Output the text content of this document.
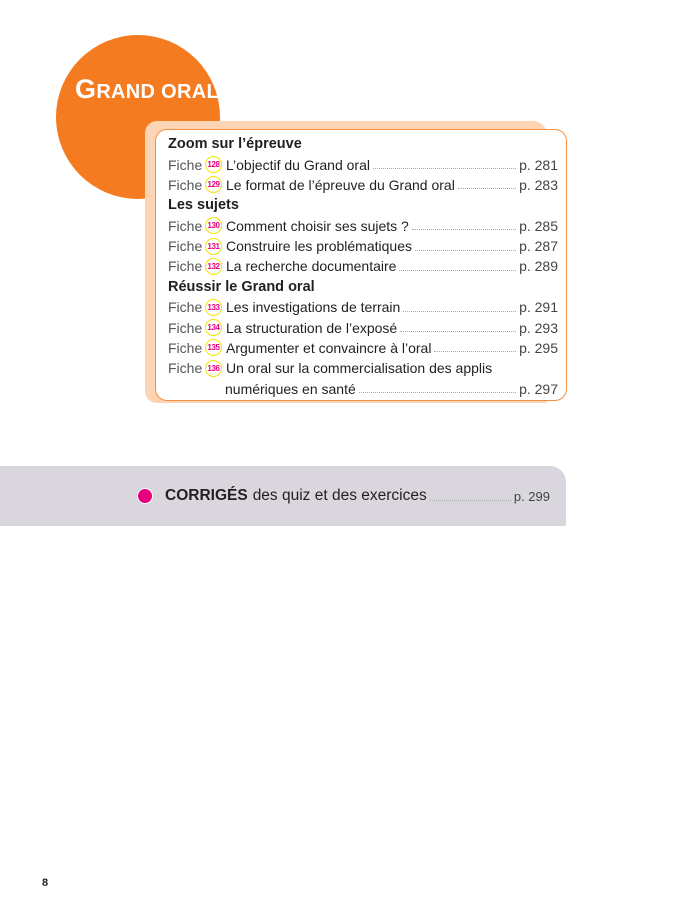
GRAND ORAL
Zoom sur l’épreuve
Fiche 128 L’objectif du Grand oral	p. 281
Fiche 129 Le format de l’épreuve du Grand oral	p. 283
Les sujets
Fiche 130 Comment choisir ses sujets ?	p. 285
Fiche 131 Construire les problématiques	p. 287
Fiche 132 La recherche documentaire	p. 289
Réussir le Grand oral
Fiche 133 Les investigations de terrain	p. 291
Fiche 134 La structuration de l’exposé	p. 293
Fiche 135 Argumenter et convaincre à l’oral	p. 295
Fiche 136 Un oral sur la commercialisation des applis
numériques en santé	p. 297
CORRIGÉS des quiz et des exercices	p. 299
8
